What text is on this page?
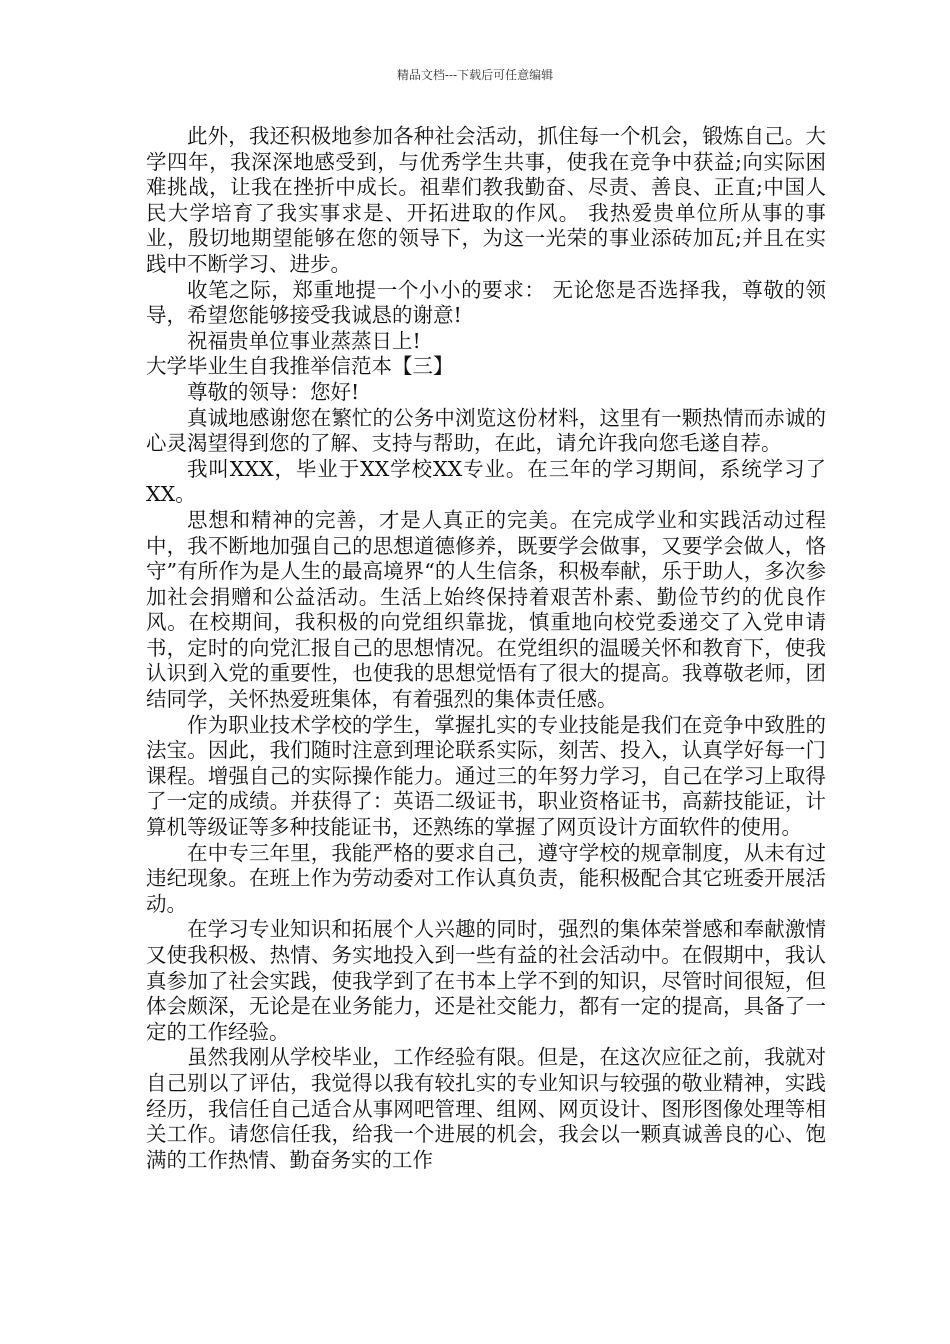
精品文档---下载后可任意编辑

此外，我还积极地参加各种社会活动，抓住每一个机会，锻炼自己。大学四年，我深深地感受到，与优秀学生共事，使我在竞争中获益;向实际困难挑战，让我在挫折中成长。祖辈们教我勤奋、尽责、善良、正直;中国人民大学培育了我实事求是、开拓进取的作风。 我热爱贵单位所从事的事业，殷切地期望能够在您的领导下，为这一光荣的事业添砖加瓦;并且在实践中不断学习、进步。

收笔之际，郑重地提一个小小的要求： 无论您是否选择我，尊敬的领导，希望您能够接受我诚恳的谢意!

祝福贵单位事业蒸蒸日上!

大学毕业生自我推举信范本【三】

尊敬的领导：您好!

真诚地感谢您在繁忙的公务中浏览这份材料，这里有一颗热情而赤诚的心灵渴望得到您的了解、支持与帮助，在此，请允许我向您毛遂自荐。

我叫XXX，毕业于XX学校XX专业。在三年的学习期间，系统学习了XX。

思想和精神的完善，才是人真正的完美。在完成学业和实践活动过程中，我不断地加强自己的思想道德修养，既要学会做事，又要学会做人，恪守”有所作为是人生的最高境界“的人生信条，积极奉献，乐于助人，多次参加社会捐赠和公益活动。生活上始终保持着艰苦朴素、勤俭节约的优良作风。在校期间，我积极的向党组织靠拢，慎重地向校党委递交了入党申请书，定时的向党汇报自己的思想情况。在党组织的温暖关怀和教育下，使我认识到入党的重要性，也使我的思想觉悟有了很大的提高。我尊敬老师，团结同学，关怀热爱班集体，有着强烈的集体责任感。

作为职业技术学校的学生，掌握扎实的专业技能是我们在竞争中致胜的法宝。因此，我们随时注意到理论联系实际，刻苦、投入，认真学好每一门课程。增强自己的实际操作能力。通过三的年努力学习，自己在学习上取得了一定的成绩。并获得了：英语二级证书，职业资格证书，高薪技能证，计算机等级证等多种技能证书，还熟练的掌握了网页设计方面软件的使用。

在中专三年里，我能严格的要求自己，遵守学校的规章制度，从未有过违纪现象。在班上作为劳动委对工作认真负责，能积极配合其它班委开展活动。

在学习专业知识和拓展个人兴趣的同时，强烈的集体荣誉感和奉献激情又使我积极、热情、务实地投入到一些有益的社会活动中。在假期中，我认真参加了社会实践，使我学到了在书本上学不到的知识，尽管时间很短，但体会颇深，无论是在业务能力，还是社交能力，都有一定的提高，具备了一定的工作经验。

虽然我刚从学校毕业，工作经验有限。但是，在这次应征之前，我就对自己别以了评估，我觉得以我有较扎实的专业知识与较强的敬业精神，实践经历，我信任自己适合从事网吧管理、组网、网页设计、图形图像处理等相关工作。请您信任我，给我一个进展的机会，我会以一颗真诚善良的心、饱满的工作热情、勤奋务实的工作
